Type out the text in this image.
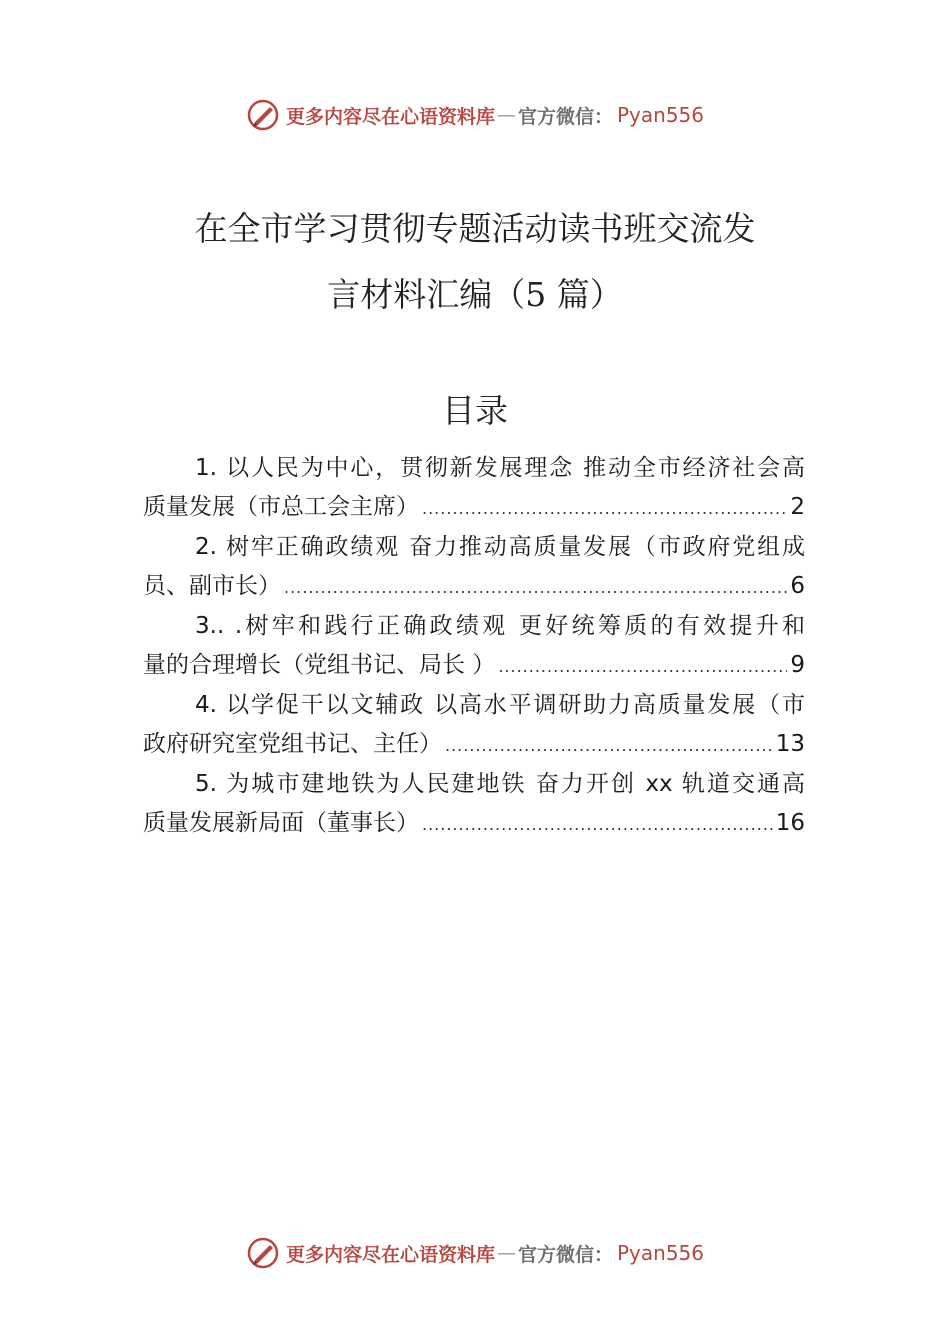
更多内容尽在心语资料库 — 官方微信： Pyan556
在全市学习贯彻专题活动读书班交流发
言材料汇编（5 篇）
目录
1. 以人民为中心，贯彻新发展理念 推动全市经济社会高
质量发展（市总工会主席） .....	2
2. 树牢正确政绩观 奋力推动高质量发展（市政府党组成
员、副市长） .....	6
3.. .树牢和践行正确政绩观 更好统筹质的有效提升和
量的合理增长（党组书记、局长 ） .....	9
4. 以学促干以文辅政 以高水平调研助力高质量发展（市
政府研究室党组书记、主任） .....	13
5. 为城市建地铁为人民建地铁 奋力开创 xx 轨道交通高
质量发展新局面（董事长） .....	16
更多内容尽在心语资料库 — 官方微信： Pyan556
